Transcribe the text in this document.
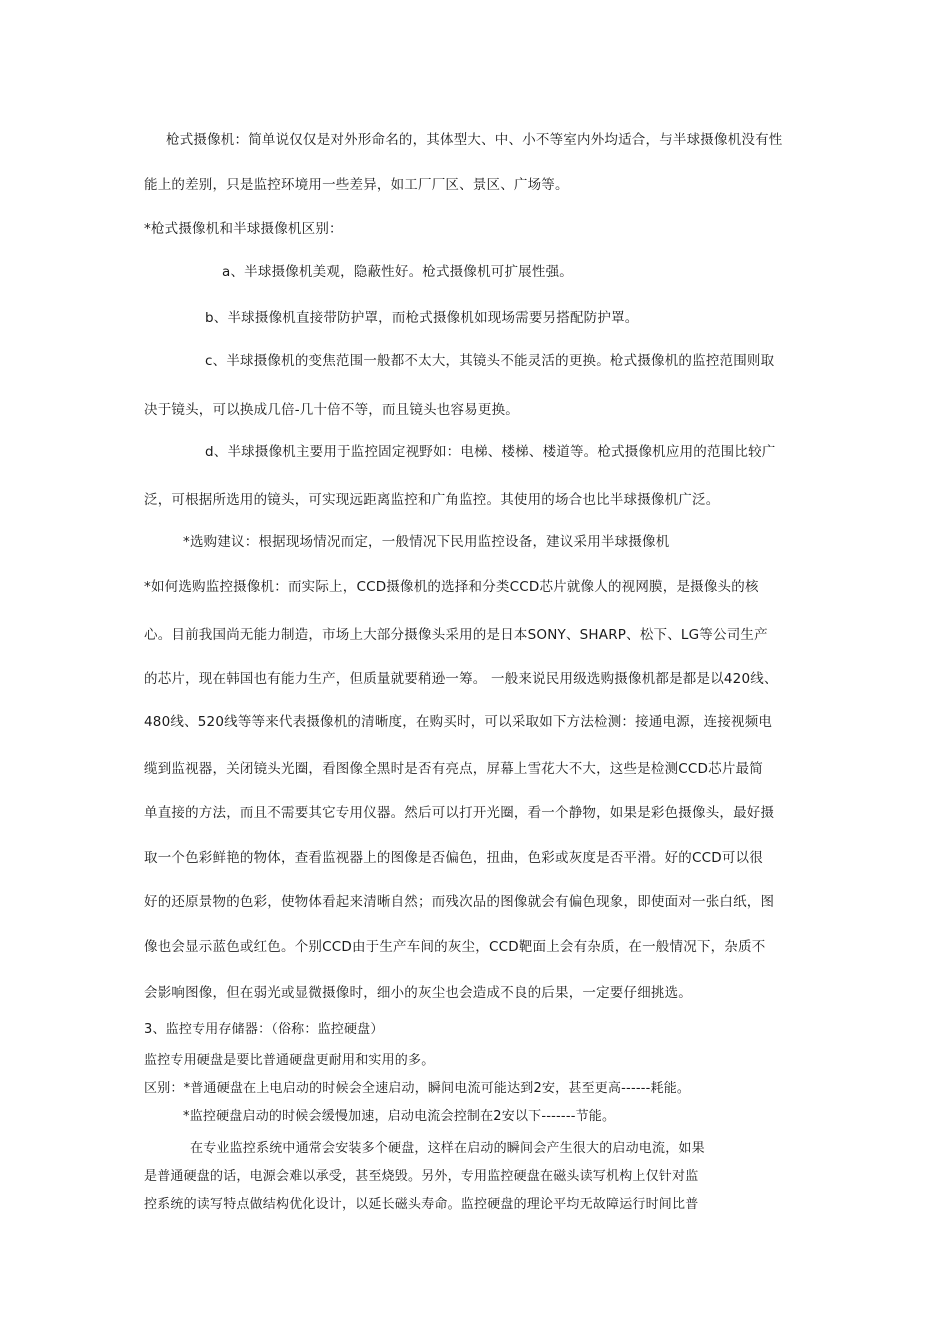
枪式摄像机：简单说仅仅是对外形命名的，其体型大、中、小不等室内外均适合，与半球摄像机没有性
能上的差别，只是监控环境用一些差异，如工厂厂区、景区、广场等。
*枪式摄像机和半球摄像机区别：
a、半球摄像机美观，隐蔽性好。枪式摄像机可扩展性强。
b、半球摄像机直接带防护罩，而枪式摄像机如现场需要另搭配防护罩。
c、半球摄像机的变焦范围一般都不太大，其镜头不能灵活的更换。枪式摄像机的监控范围则取
决于镜头，可以换成几倍-几十倍不等，而且镜头也容易更换。
d、半球摄像机主要用于监控固定视野如：电梯、楼梯、楼道等。枪式摄像机应用的范围比较广
泛，可根据所选用的镜头，可实现远距离监控和广角监控。其使用的场合也比半球摄像机广泛。
*选购建议：根据现场情况而定，一般情况下民用监控设备，建议采用半球摄像机
*如何选购监控摄像机：而实际上，CCD摄像机的选择和分类CCD芯片就像人的视网膜，是摄像头的核
心。目前我国尚无能力制造，市场上大部分摄像头采用的是日本SONY、SHARP、松下、LG等公司生产
的芯片，现在韩国也有能力生产，但质量就要稍逊一筹。 一般来说民用级选购摄像机都是都是以420线、
480线、520线等等来代表摄像机的清晰度，在购买时，可以采取如下方法检测：接通电源，连接视频电
缆到监视器，关闭镜头光圈，看图像全黑时是否有亮点，屏幕上雪花大不大，这些是检测CCD芯片最简
单直接的方法，而且不需要其它专用仪器。然后可以打开光圈，看一个静物，如果是彩色摄像头，最好摄
取一个色彩鲜艳的物体，查看监视器上的图像是否偏色，扭曲，色彩或灰度是否平滑。好的CCD可以很
好的还原景物的色彩，使物体看起来清晰自然；而残次品的图像就会有偏色现象，即使面对一张白纸，图
像也会显示蓝色或红色。个别CCD由于生产车间的灰尘，CCD靶面上会有杂质，在一般情况下，杂质不
会影响图像，但在弱光或显微摄像时，细小的灰尘也会造成不良的后果，一定要仔细挑选。
3、监控专用存储器：（俗称：监控硬盘）
监控专用硬盘是要比普通硬盘更耐用和实用的多。
区别：*普通硬盘在上电启动的时候会全速启动，瞬间电流可能达到2安，甚至更高------耗能。
*监控硬盘启动的时候会缓慢加速，启动电流会控制在2安以下-------节能。
在专业监控系统中通常会安装多个硬盘，这样在启动的瞬间会产生很大的启动电流，如果
是普通硬盘的话，电源会难以承受，甚至烧毁。另外，专用监控硬盘在磁头读写机构上仅针对监
控系统的读写特点做结构优化设计，以延长磁头寿命。监控硬盘的理论平均无故障运行时间比普
